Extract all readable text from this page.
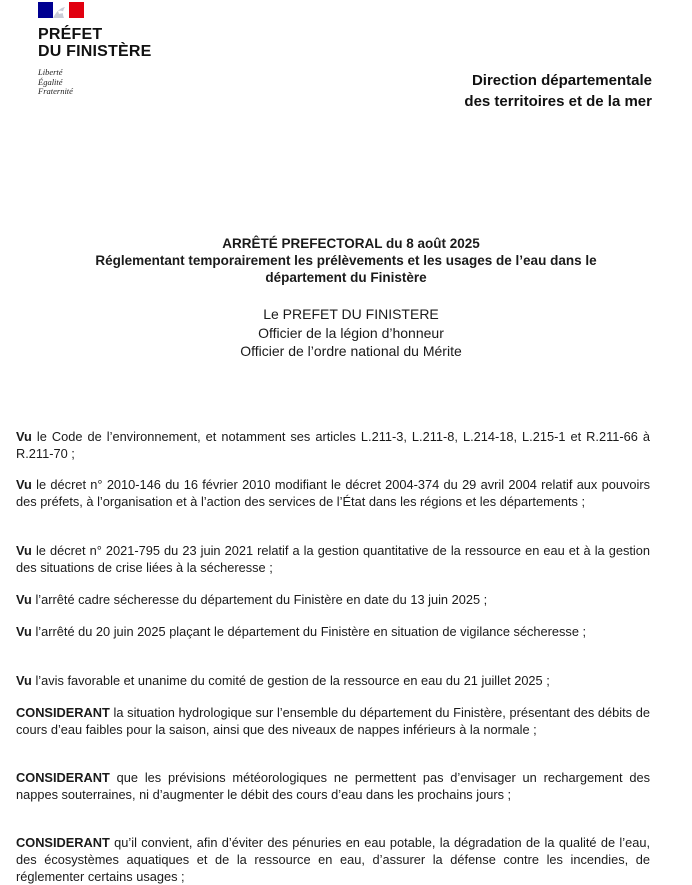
PRÉFET
DU FINISTÈRE
Liberté
Égalité
Fraternité
Direction départementale
des territoires et de la mer
ARRÊTÉ PREFECTORAL du 8 août 2025
Réglementant temporairement les prélèvements et les usages de l’eau dans le
département du Finistère
Le PREFET DU FINISTERE
Officier de la légion d’honneur
Officier de l’ordre national du Mérite

Vu le Code de l’environnement, et notamment ses articles L.211-3, L.211-8, L.214-18, L.215-1 et R.211-66 à R.211-70 ;

Vu le décret n° 2010-146 du 16 février 2010 modifiant le décret 2004-374 du 29 avril 2004 relatif aux pouvoirs des préfets, à l’organisation et à l’action des services de l’État dans les régions et les départements ;

Vu le décret n° 2021-795 du 23 juin 2021 relatif a la gestion quantitative de la ressource en eau et à la gestion des situations de crise liées à la sécheresse ;

Vu l’arrêté cadre sécheresse du département du Finistère en date du 13 juin 2025 ;

Vu l’arrêté du 20 juin 2025 plaçant le département du Finistère en situation de vigilance sécheresse ;

Vu l’avis favorable et unanime du comité de gestion de la ressource en eau du 21 juillet 2025 ;

CONSIDERANT la situation hydrologique sur l’ensemble du département du Finistère, présentant des débits de cours d’eau faibles pour la saison, ainsi que des niveaux de nappes inférieurs à la normale ;

CONSIDERANT que les prévisions météorologiques ne permettent pas d’envisager un rechargement des nappes souterraines, ni d’augmenter le débit des cours d’eau dans les prochains jours ;

CONSIDERANT qu’il convient, afin d’éviter des pénuries en eau potable, la dégradation de la qualité de l’eau, des écosystèmes aquatiques et de la ressource en eau, d’assurer la défense contre les incendies, de réglementer certains usages ;
